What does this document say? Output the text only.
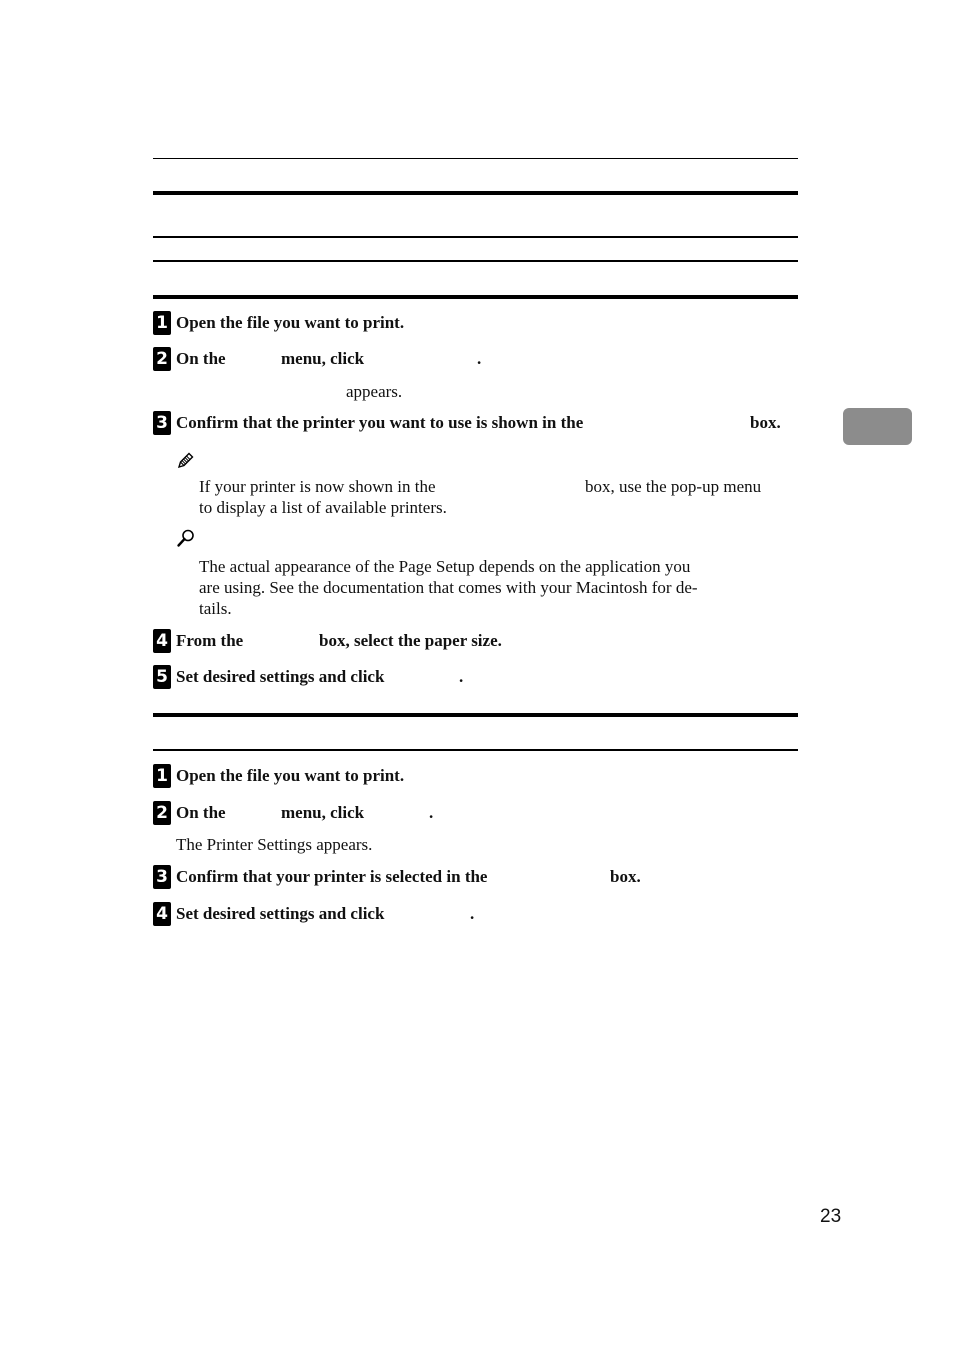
1 Open the file you want to print.
2 On the	menu, click	.
appears.
3 Confirm that the printer you want to use is shown in the	box.
If your printer is now shown in the	box, use the pop-up menu
to display a list of available printers.
The actual appearance of the Page Setup depends on the application you
are using. See the documentation that comes with your Macintosh for de-
tails.
4 From the	box, select the paper size.
5 Set desired settings and click	.
1 Open the file you want to print.
2 On the	menu, click	.
The Printer Settings appears.
3 Confirm that your printer is selected in the	box.
4 Set desired settings and click	.
23
